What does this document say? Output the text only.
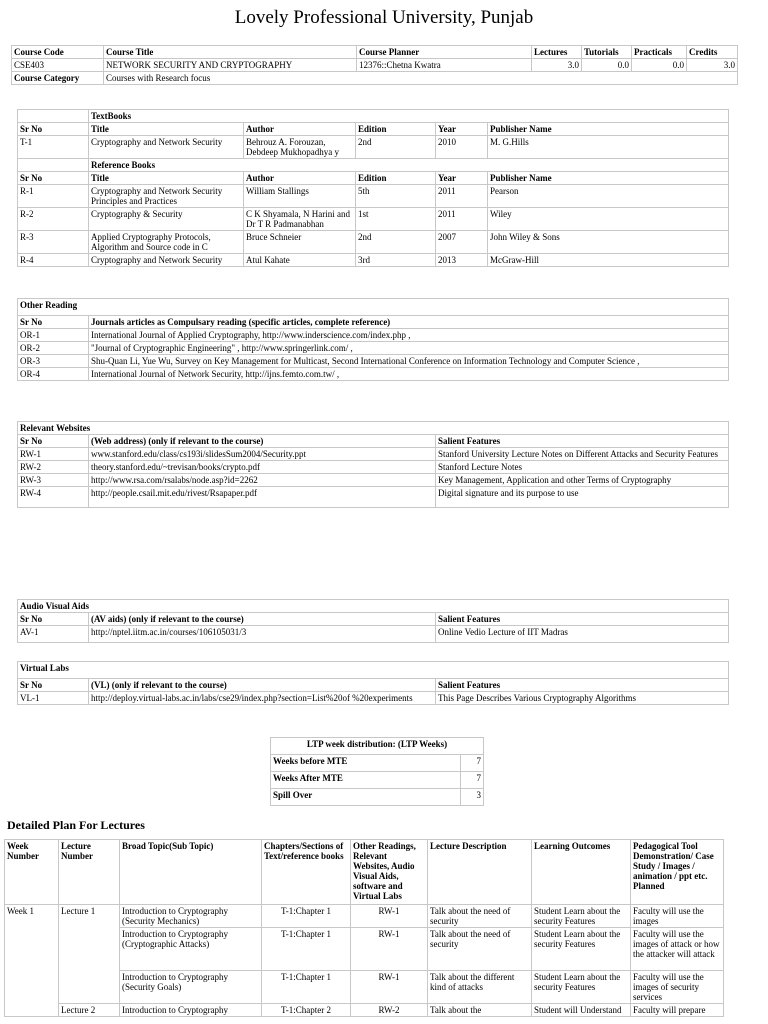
Lovely Professional University, Punjab
Course Code	Course Title	Course Planner	Lectures	Tutorials	Practicals	Credits
CSE403	NETWORK SECURITY AND CRYPTOGRAPHY	12376::Chetna Kwatra	3.0	0.0	0.0	3.0
Course Category	Courses with Research focus					
	TextBooks				
Sr No	Title	Author	Edition	Year	Publisher Name
T-1	Cryptography and Network Security	Behrouz A. Forouzan, Debdeep Mukhopadhya y	2nd	2010	M. G.Hills
	Reference Books				
Sr No	Title	Author	Edition	Year	Publisher Name
R-1	Cryptography and Network Security Principles and Practices	William Stallings	5th	2011	Pearson
R-2	Cryptography & Security	C K Shyamala, N Harini and Dr T R Padmanabhan	1st	2011	Wiley
R-3	Applied Cryptography Protocols, Algorithm and Source code in C	Bruce Schneier	2nd	2007	John Wiley & Sons
R-4	Cryptography and Network Security	Atul Kahate	3rd	2013	McGraw-Hill
Other Reading	
Sr No	Journals articles as Compulsary reading (specific articles, complete reference)
OR-1	International Journal of Applied Cryptography, http://www.inderscience.com/index.php ,
OR-2	"Journal of Cryptographic Engineering" , http://www.springerlink.com/ ,
OR-3	Shu-Quan Li, Yue Wu, Survey on Key Management for Multicast, Second International Conference on Information Technology and Computer Science ,
OR-4	International Journal of Network Security, http://ijns.femto.com.tw/ ,
Relevant Websites		
Sr No	(Web address) (only if relevant to the course)	Salient Features
RW-1	www.stanford.edu/class/cs193i/slidesSum2004/Security.ppt	Stanford University Lecture Notes on Different Attacks and Security Features
RW-2	theory.stanford.edu/~trevisan/books/crypto.pdf	Stanford Lecture Notes
RW-3	http://www.rsa.com/rsalabs/node.asp?id=2262	Key Management, Application and other Terms of Cryptography
RW-4	http://people.csail.mit.edu/rivest/Rsapaper.pdf	Digital signature and its purpose to use
Audio Visual Aids		
Sr No	(AV aids) (only if relevant to the course)	Salient Features
AV-1	http://nptel.iitm.ac.in/courses/106105031/3	Online Vedio Lecture of IIT Madras
Virtual Labs		
Sr No	(VL) (only if relevant to the course)	Salient Features
VL-1	http://deploy.virtual-labs.ac.in/labs/cse29/index.php?section=List%20of %20experiments	This Page Describes Various Cryptography Algorithms
LTP week distribution: (LTP Weeks)	
Weeks before MTE	7
Weeks After MTE	7
Spill Over	3
Detailed Plan For Lectures
Week Number	Lecture Number	Broad Topic(Sub Topic)	Chapters/Sections of Text/reference books	Other Readings, Relevant Websites, Audio Visual Aids, software and Virtual Labs	Lecture Description	Learning Outcomes	Pedagogical Tool Demonstration/ Case Study / Images / animation / ppt etc. Planned
Week 1	Lecture 1	Introduction to Cryptography (Security Mechanics)	T-1:Chapter 1	RW-1	Talk about the need of security	Student Learn about the security Features	Faculty will use the images
		Introduction to Cryptography (Cryptographic Attacks)	T-1:Chapter 1	RW-1	Talk about the need of security	Student Learn about the security Features	Faculty will use the images of attack or how the attacker will attack
		Introduction to Cryptography (Security Goals)	T-1:Chapter 1	RW-1	Talk about the different kind of attacks	Student Learn about the security Features	Faculty will use the images of security services
	Lecture 2	Introduction to Cryptography	T-1:Chapter 2	RW-2	Talk about the	Student will Understand	Faculty will prepare
